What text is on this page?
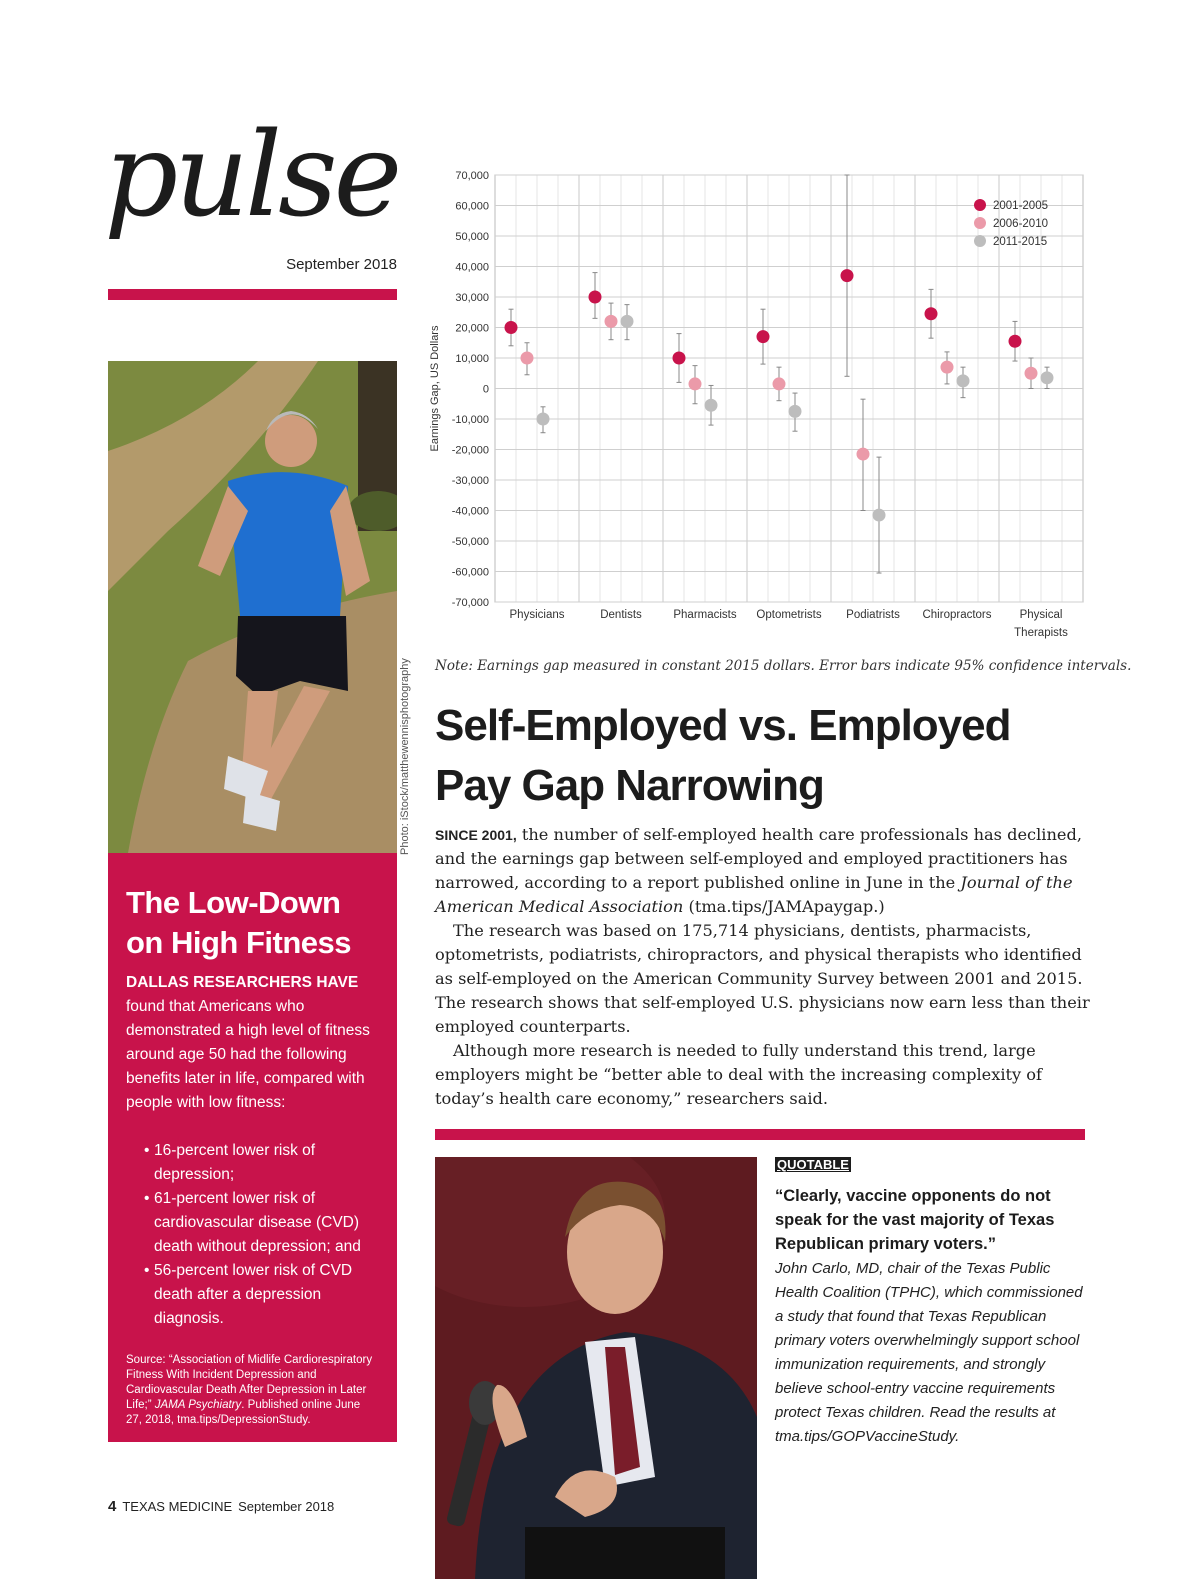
pulse
September 2018
Photo: iStock/matthewennisphotography
The Low-Down on High Fitness
DALLAS RESEARCHERS HAVE found that Americans who demonstrated a high level of fitness around age 50 had the following benefits later in life, compared with people with low fitness:
• 16-percent lower risk of depression;
• 61-percent lower risk of cardiovascular disease (CVD) death without depression; and
• 56-percent lower risk of CVD death after a depression diagnosis.
Source: “Association of Midlife Cardiorespiratory Fitness With Incident Depression and Cardiovascular Death After Depression in Later Life;” JAMA Psychiatry. Published online June 27, 2018, tma.tips/DepressionStudy.
4 TEXAS MEDICINE September 2018
70,000
60,000
50,000
40,000
30,000
20,000
10,000
0
-10,000
-20,000
-30,000
-40,000
-50,000
-60,000
-70,000
Earnings Gap, US Dollars
Physicians	Dentists	Pharmacists Optometrists Podiatrists Chiropractors Physical
Therapists
2001-2005
2006-2010
2011-2015
Note: Earnings gap measured in constant 2015 dollars. Error bars indicate 95% confidence intervals.
Self-Employed vs. Employed Pay Gap Narrowing

SINCE 2001, the number of self-employed health care professionals has declined, and the earnings gap between self-employed and employed practitioners has narrowed, according to a report published online in June in the Journal of the American Medical Association (tma.tips/JAMApaygap.)

The research was based on 175,714 physicians, dentists, pharmacists, optometrists, podiatrists, chiropractors, and physical therapists who identified as self-employed on the American Community Survey between 2001 and 2015. The research shows that self-employed U.S. physicians now earn less than their employed counterparts.

Although more research is needed to fully understand this trend, large employers might be “better able to deal with the increasing complexity of today’s health care economy,” researchers said.

QUOTABLE
“Clearly, vaccine opponents do not speak for the vast majority of Texas Republican primary voters.”
John Carlo, MD, chair of the Texas Public Health Coalition (TPHC), which commissioned a study that found that Texas Republican primary voters overwhelmingly support school immunization requirements, and strongly believe school-entry vaccine requirements protect Texas children. Read the results at tma.tips/GOPVaccineStudy.
